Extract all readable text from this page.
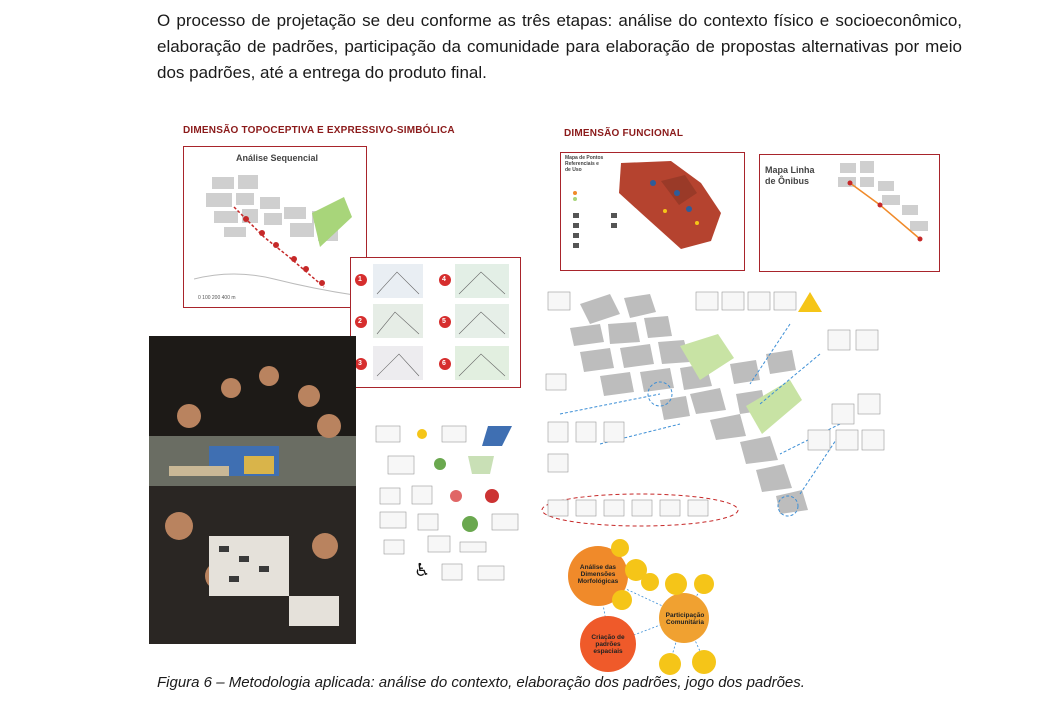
O processo de projetação se deu conforme as três etapas: análise do contexto físico e socioeconômico, elaboração de padrões, participação da comunidade para elaboração de propostas alternativas por meio dos padrões, até a entrega do produto final.

DIMENSÃO TOPOCEPTIVA E EXPRESSIVO-SIMBÓLICA	DIMENSÃO FUNCIONAL
Análise Sequencial
0 100 200 400 m
Mapa de Pontos Referenciais e de Uso	Mapa Linha de Ônibus
1
2
3
4
5
6
♿	Análise das Dimensões Morfológicas
Participação Comunitária
Criação de padrões espaciais

Figura 6 – Metodologia aplicada: análise do contexto, elaboração dos padrões, jogo dos padrões.
